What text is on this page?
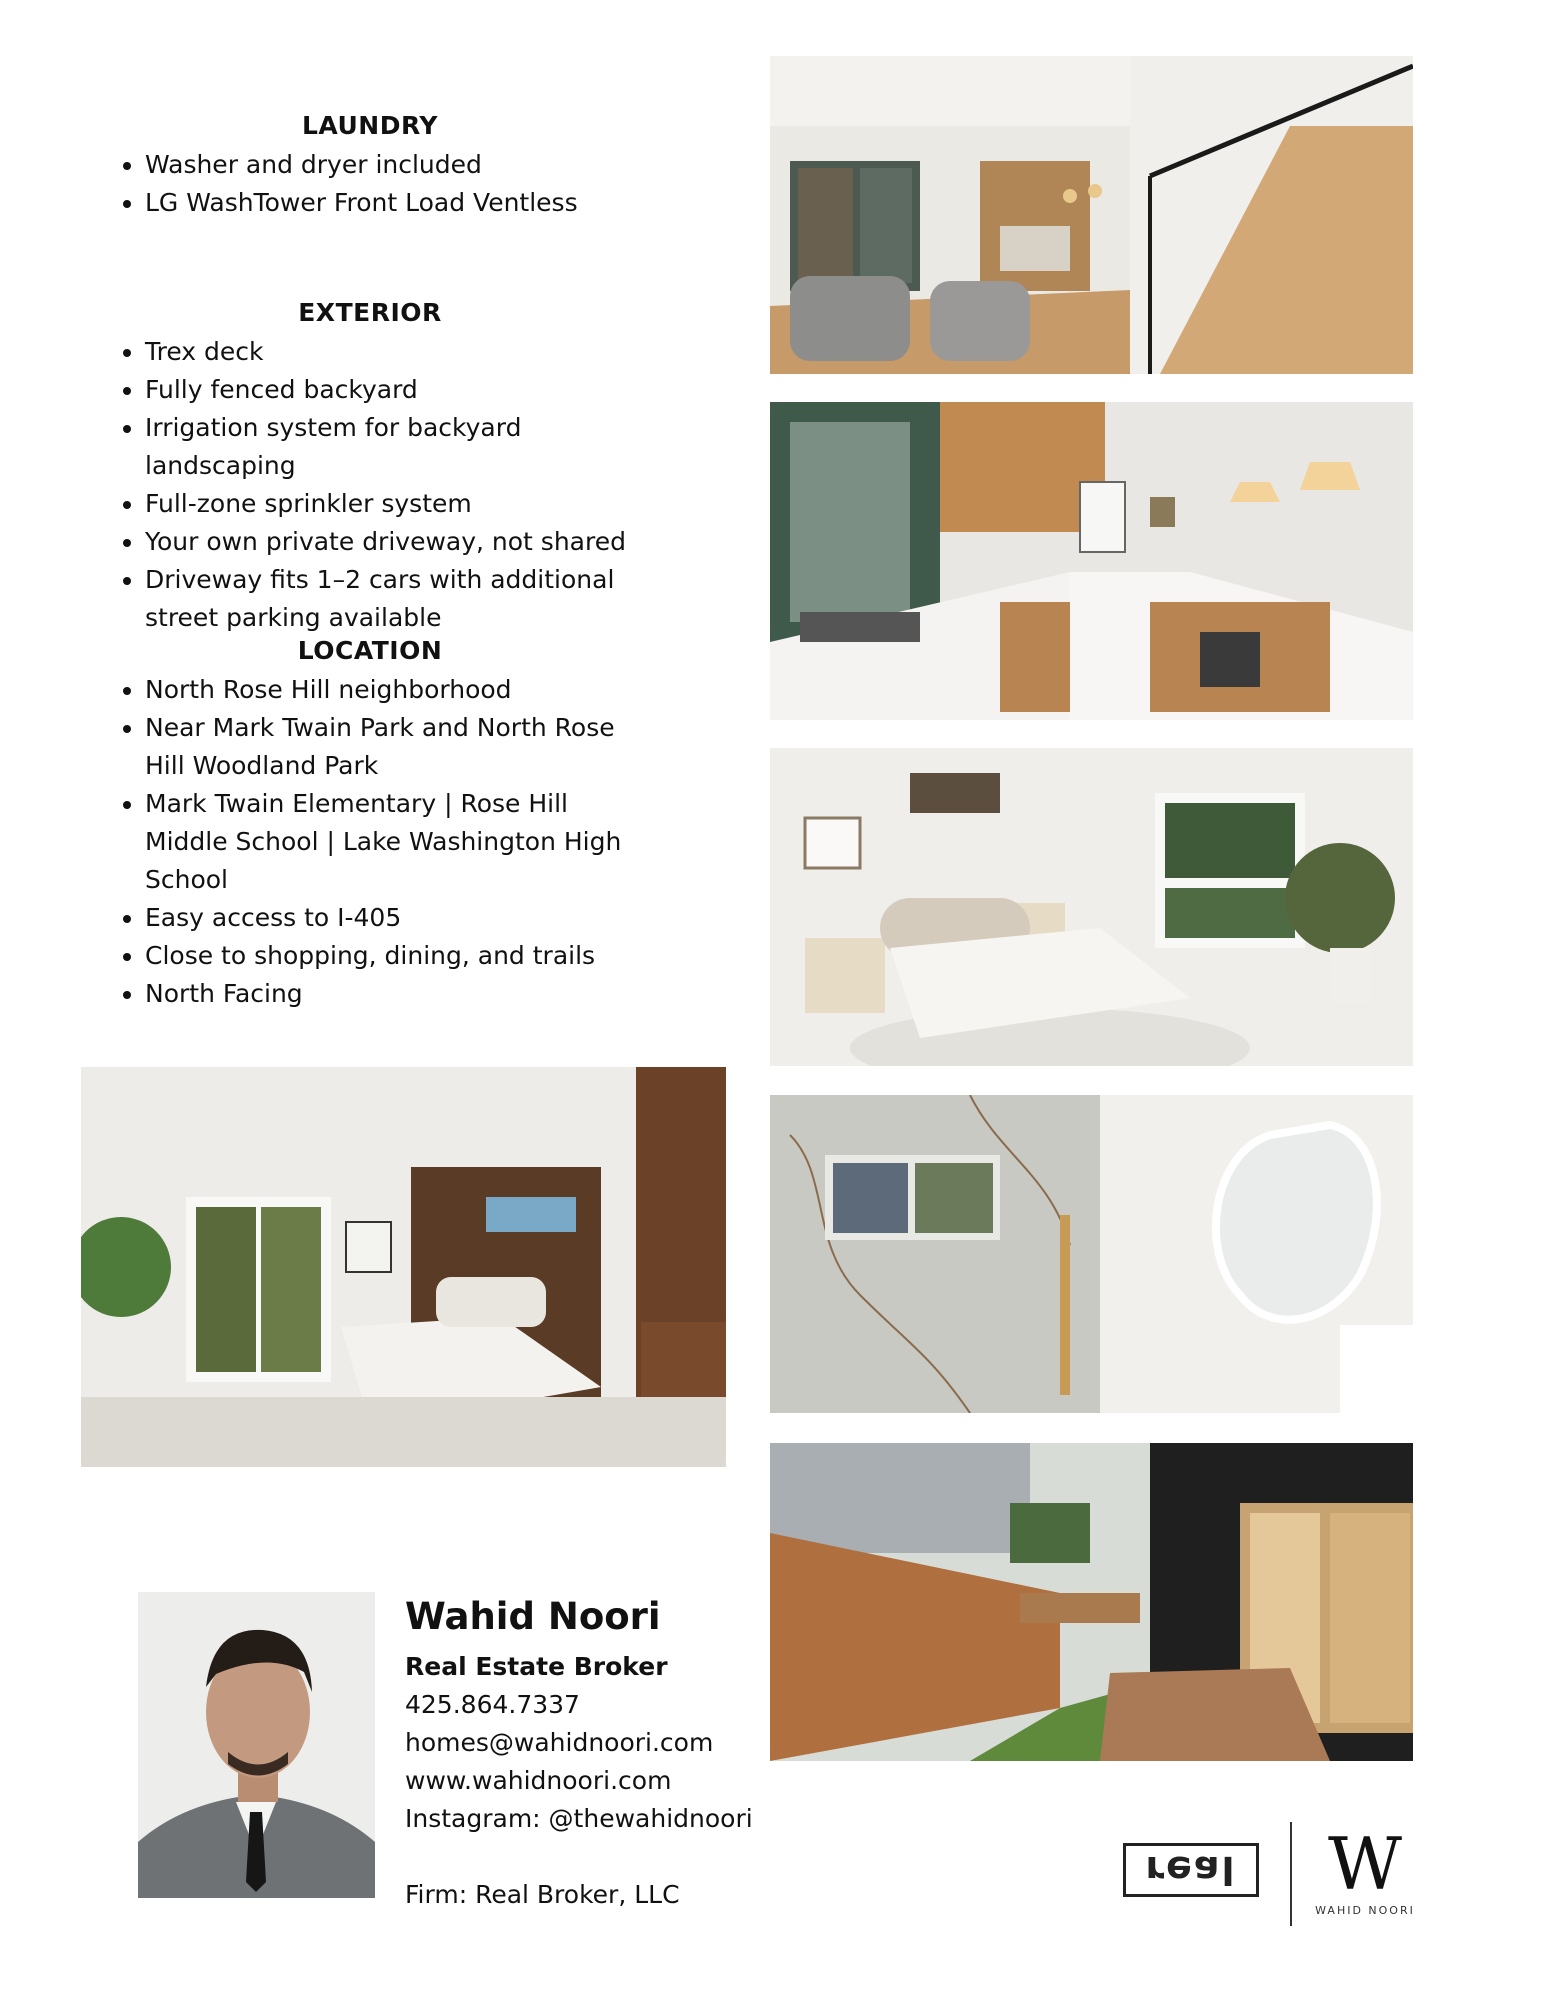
LAUNDRY
• Washer and dryer included
• LG WashTower Front Load Ventless
EXTERIOR
• Trex deck
• Fully fenced backyard
• Irrigation system for backyard landscaping
• Full-zone sprinkler system
• Your own private driveway, not shared
• Driveway fits 1–2 cars with additional street parking available
LOCATION
• North Rose Hill neighborhood
• Near Mark Twain Park and North Rose Hill Woodland Park
• Mark Twain Elementary | Rose Hill Middle School | Lake Washington High School
• Easy access to I-405
• Close to shopping, dining, and trails
• North Facing
Wahid Noori
Real Estate Broker
425.864.7337
homes@wahidnoori.com
www.wahidnoori.com
Instagram: @thewahidnoori
Firm: Real Broker, LLC
real	W
WAHID NOORI
